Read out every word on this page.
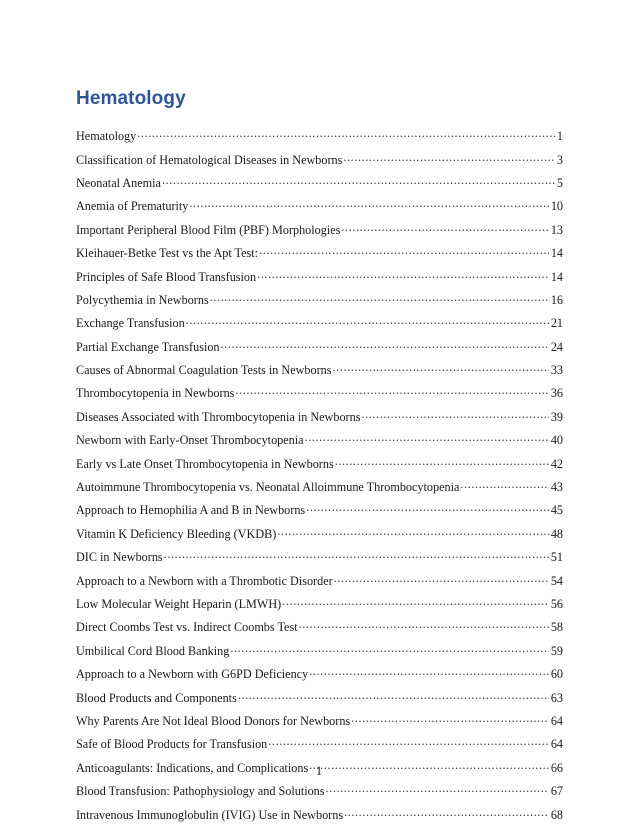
Hematology
Hematology .....	1
Classification of Hematological Diseases in Newborns .....	3
Neonatal Anemia .....	5
Anemia of Prematurity .....	10
Important Peripheral Blood Film (PBF) Morphologies .....	13
Kleihauer-Betke Test vs the Apt Test: .....	14
Principles of Safe Blood Transfusion .....	14
Polycythemia in Newborns .....	16
Exchange Transfusion .....	21
Partial Exchange Transfusion .....	24
Causes of Abnormal Coagulation Tests in Newborns .....	33
Thrombocytopenia in Newborns .....	36
Diseases Associated with Thrombocytopenia in Newborns .....	39
Newborn with Early-Onset Thrombocytopenia .....	40
Early vs Late Onset Thrombocytopenia in Newborns .....	42
Autoimmune Thrombocytopenia vs. Neonatal Alloimmune Thrombocytopenia .....	43
Approach to Hemophilia A and B in Newborns .....	45
Vitamin K Deficiency Bleeding (VKDB) .....	48
DIC in Newborns .....	51
Approach to a Newborn with a Thrombotic Disorder .....	54
Low Molecular Weight Heparin (LMWH) .....	56
Direct Coombs Test vs. Indirect Coombs Test .....	58
Umbilical Cord Blood Banking .....	59
Approach to a Newborn with G6PD Deficiency .....	60
Blood Products and Components .....	63
Why Parents Are Not Ideal Blood Donors for Newborns .....	64
Safe of Blood Products for Transfusion .....	64
Anticoagulants: Indications, and Complications .....	66
Blood Transfusion: Pathophysiology and Solutions .....	67
Intravenous Immunoglobulin (IVIG) Use in Newborns .....	68
1
